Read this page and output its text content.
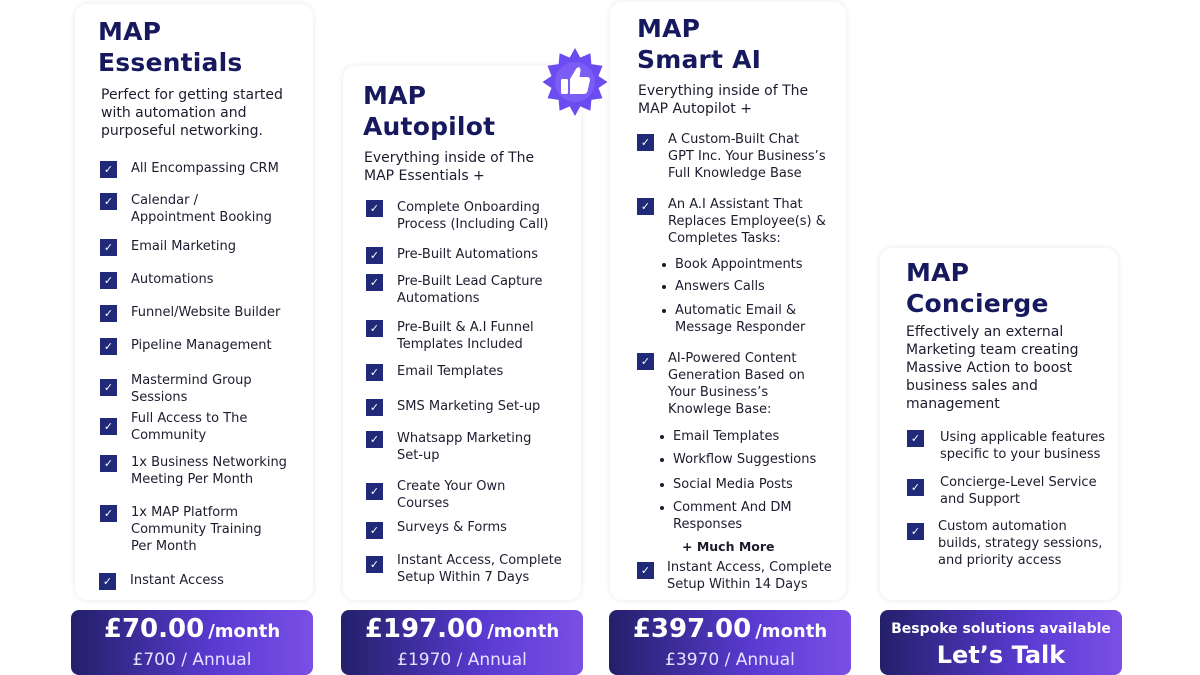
MAP
Essentials

Perfect for getting started
with automation and
purposeful networking.

✓ All Encompassing CRM
✓ Calendar /
Appointment Booking
✓ Email Marketing
✓ Automations
✓ Funnel/Website Builder
✓ Pipeline Management
✓ Mastermind Group
Sessions
✓
Full Access to The
Community
✓ 1x Business Networking
Meeting Per Month
✓ 1x MAP Platform
Community Training
Per Month
✓ Instant Access
£70.00 /month
£700 / Annual
MAP
Autopilot

Everything inside of The
MAP Essentials +

✓ Complete Onboarding
Process (Including Call)
✓ Pre-Built Automations
✓ Pre-Built Lead Capture
Automations
✓ Pre-Built & A.I Funnel
Templates Included
✓ Email Templates
✓ SMS Marketing Set-up
✓ Whatsapp Marketing
Set-up
✓ Create Your Own
Courses
✓ Surveys & Forms
✓ Instant Access, Complete
Setup Within 7 Days
£197.00 /month
£1970 / Annual
MAP
Smart AI

Everything inside of The
MAP Autopilot +

✓ A Custom-Built Chat
GPT Inc. Your Business’s
Full Knowledge Base
✓ An A.I Assistant That
Replaces Employee(s) &
Completes Tasks:
Book Appointments
Answers Calls
Automatic Email &
Message Responder
✓ AI-Powered Content
Generation Based on
Your Business’s
Knowlege Base:
Email Templates
Workflow Suggestions
Social Media Posts
Comment And DM
Responses
+ Much More
✓ Instant Access, Complete
Setup Within 14 Days
£397.00 /month
£3970 / Annual
MAP
Concierge

Effectively an external
Marketing team creating
Massive Action to boost
business sales and
management

✓ Using applicable features
specific to your business
✓ Concierge-Level Service
and Support
✓ Custom automation
builds, strategy sessions,
and priority access
Bespoke solutions available
Let’s Talk
